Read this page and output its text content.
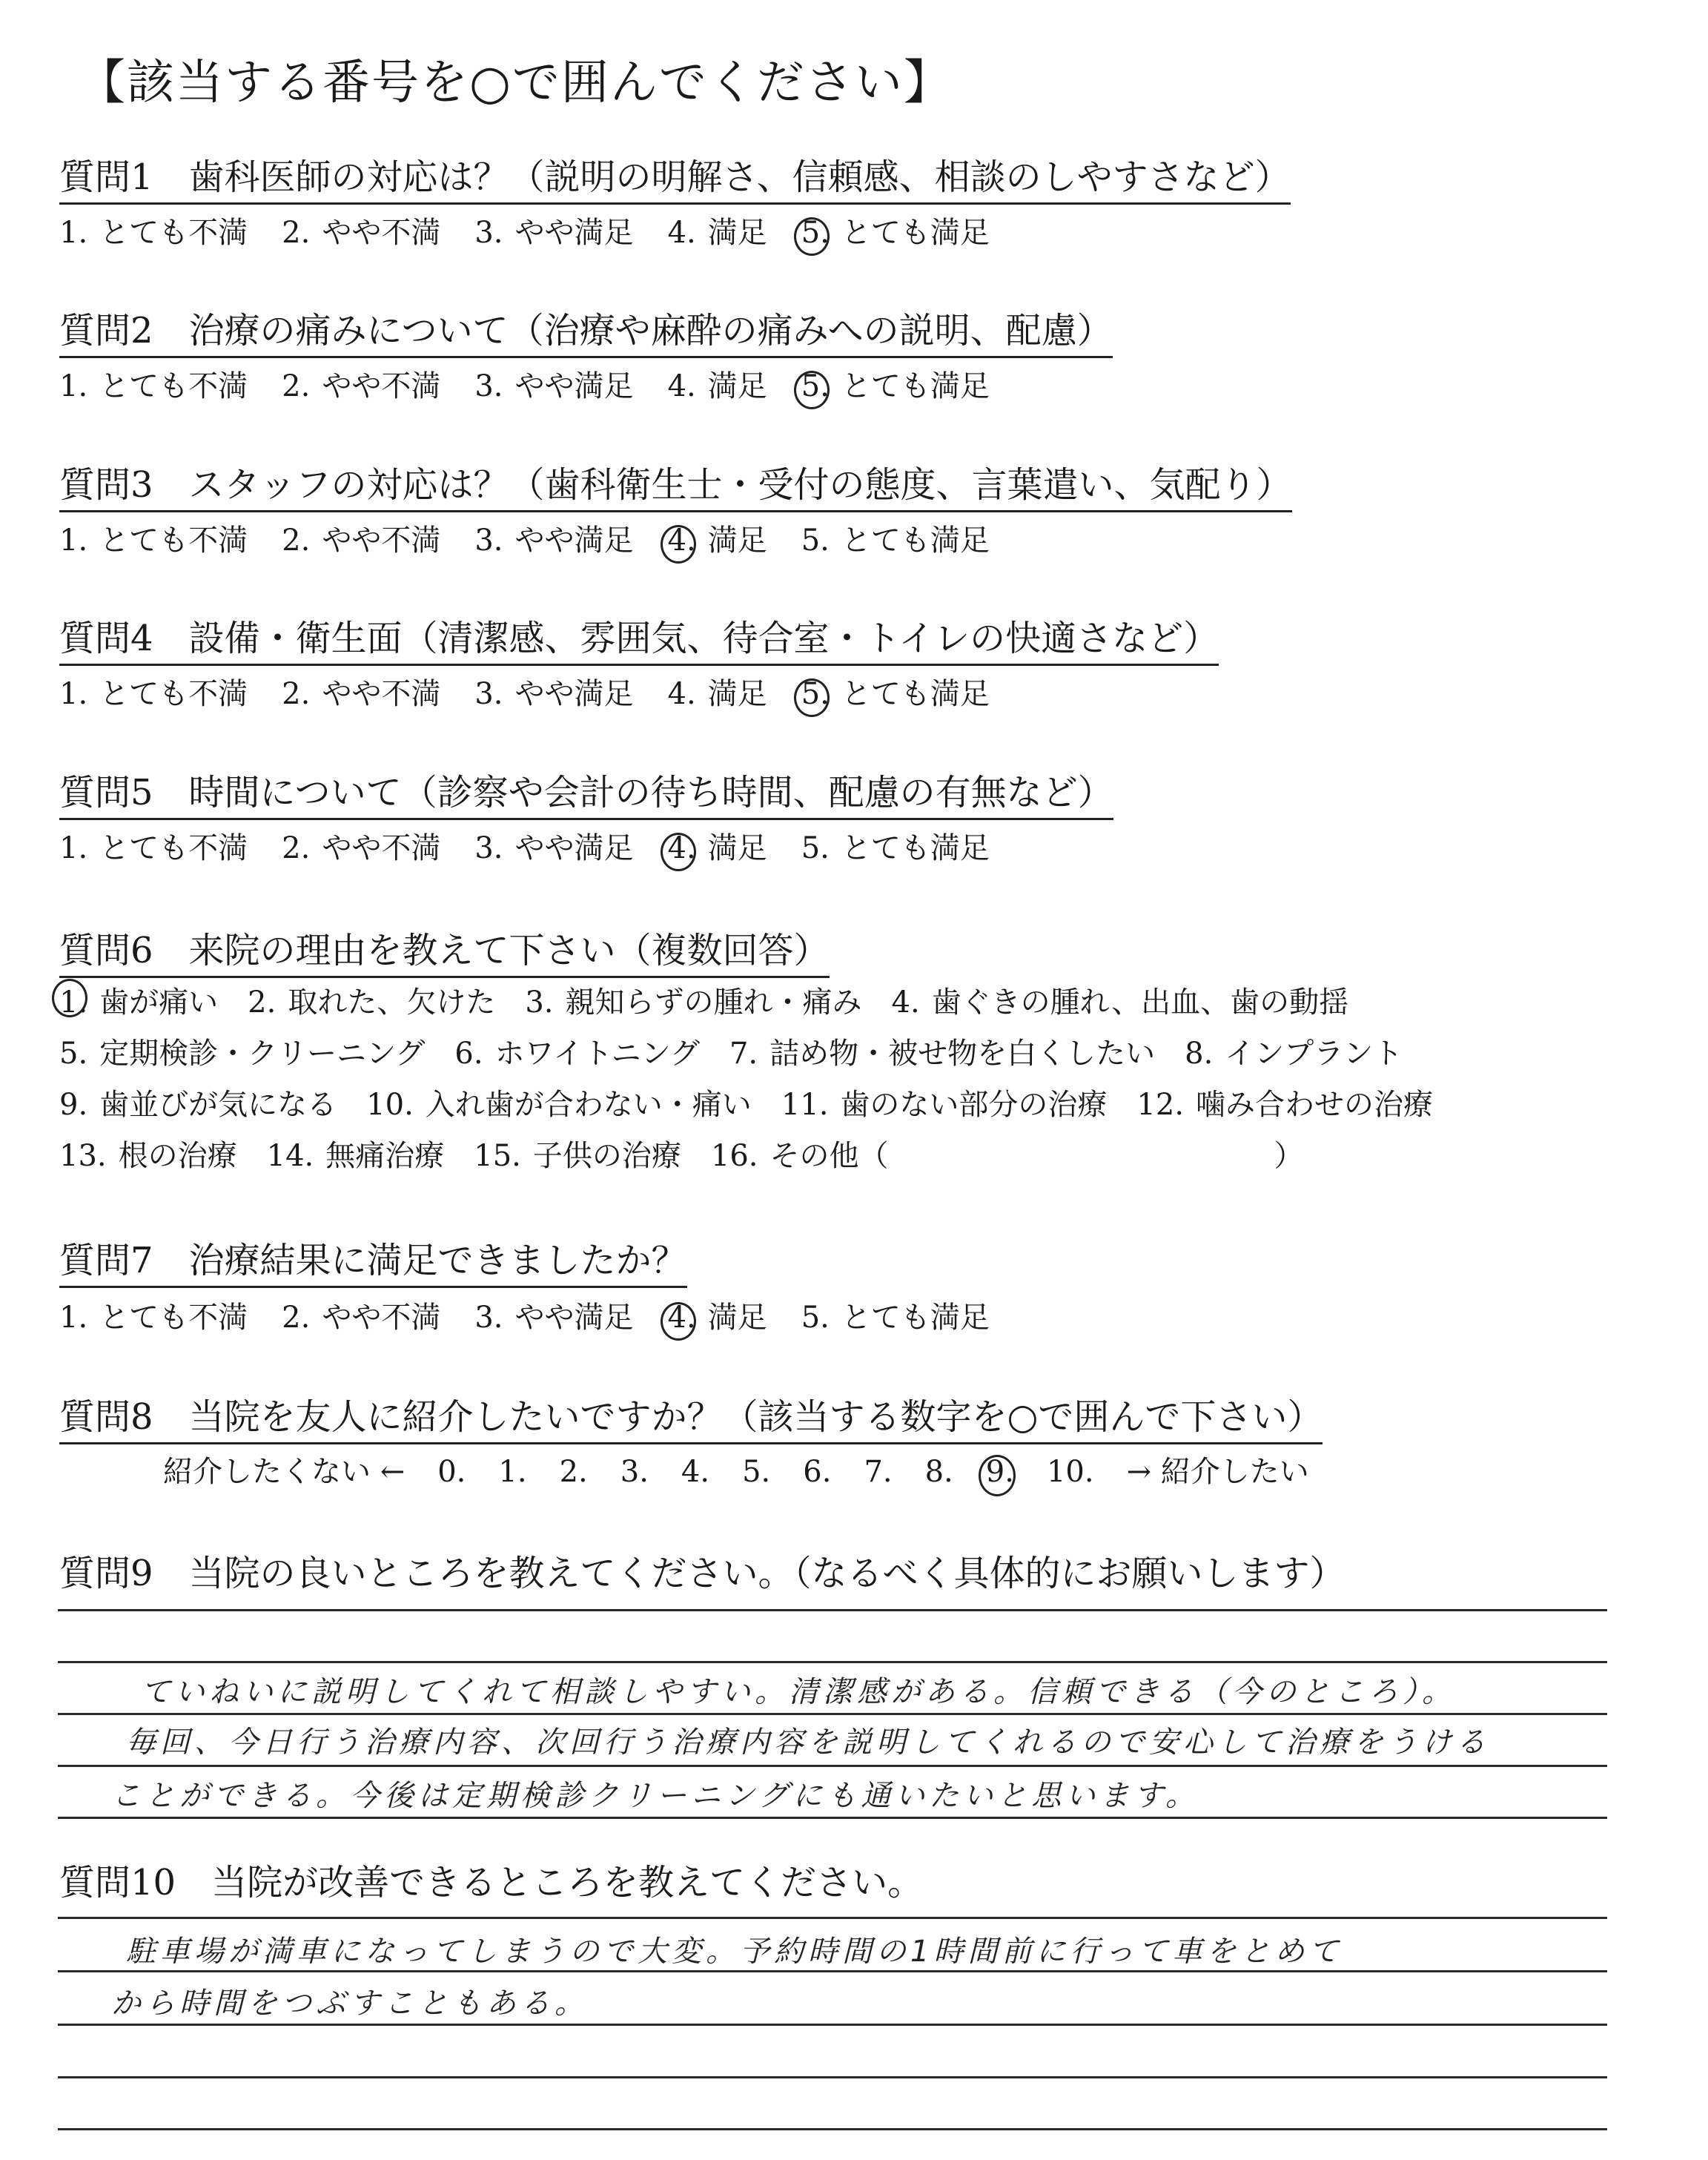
【該当する番号を○で囲んでください】
質問1　歯科医師の対応は？（説明の明解さ、信頼感、相談のしやすさなど）
1. とても不満 2. やや不満 3. やや満足 4. 満足 5. とても満足
質問2　治療の痛みについて（治療や麻酔の痛みへの説明、配慮）
1. とても不満 2. やや不満 3. やや満足 4. 満足 5. とても満足
質問3　スタッフの対応は？（歯科衛生士・受付の態度、言葉遣い、気配り）
1. とても不満 2. やや不満 3. やや満足 4. 満足 5. とても満足
質問4　設備・衛生面（清潔感、雰囲気、待合室・トイレの快適さなど）
1. とても不満 2. やや不満 3. やや満足 4. 満足 5. とても満足
質問5　時間について（診察や会計の待ち時間、配慮の有無など）
1. とても不満 2. やや不満 3. やや満足 4. 満足 5. とても満足
質問6　来院の理由を教えて下さい（複数回答）
1. 歯が痛い 2. 取れた、欠けた 3. 親知らずの腫れ・痛み 4. 歯ぐきの腫れ、出血、歯の動揺
5. 定期検診・クリーニング 6. ホワイトニング 7. 詰め物・被せ物を白くしたい 8. インプラント
9. 歯並びが気になる 10. 入れ歯が合わない・痛い 11. 歯のない部分の治療 12. 噛み合わせの治療
13. 根の治療 14. 無痛治療 15. 子供の治療 16. その他（　　　　　　　　　　　　　）
質問7　治療結果に満足できましたか？
1. とても不満 2. やや不満 3. やや満足 4. 満足 5. とても満足
質問8　当院を友人に紹介したいですか？（該当する数字を○で囲んで下さい）
紹介したくない ← 0. 1. 2. 3. 4. 5. 6. 7. 8. 9. 10. → 紹介したい
質問9　当院の良いところを教えてください。（なるべく具体的にお願いします）
ていねいに説明してくれて相談しやすい。清潔感がある。信頼できる（今のところ）。
毎回、今日行う治療内容、次回行う治療内容を説明してくれるので安心して治療をうける
ことができる。今後は定期検診クリーニングにも通いたいと思います。
質問10　当院が改善できるところを教えてください。
駐車場が満車になってしまうので大変。予約時間の1時間前に行って車をとめて
から時間をつぶすこともある。
